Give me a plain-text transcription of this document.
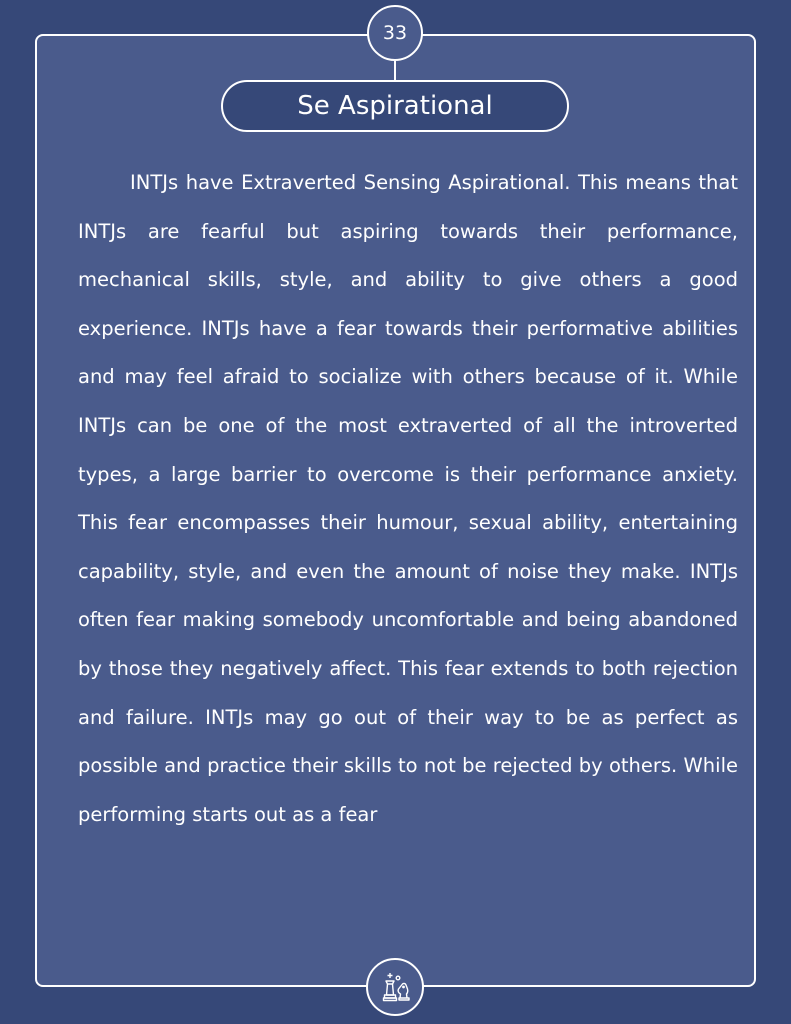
33
Se Aspirational

INTJs have Extraverted Sensing Aspirational. This means that INTJs are fearful but aspiring towards their performance, mechanical skills, style, and ability to give others a good experience. INTJs have a fear towards their performative abilities and may feel afraid to socialize with others because of it. While INTJs can be one of the most extraverted of all the introverted types, a large barrier to overcome is their performance anxiety. This fear encompasses their humour, sexual ability, entertaining capability, style, and even the amount of noise they make. INTJs often fear making somebody uncomfortable and being abandoned by those they negatively affect. This fear extends to both rejection and failure. INTJs may go out of their way to be as perfect as possible and practice their skills to not be rejected by others. While performing starts out as a fear
